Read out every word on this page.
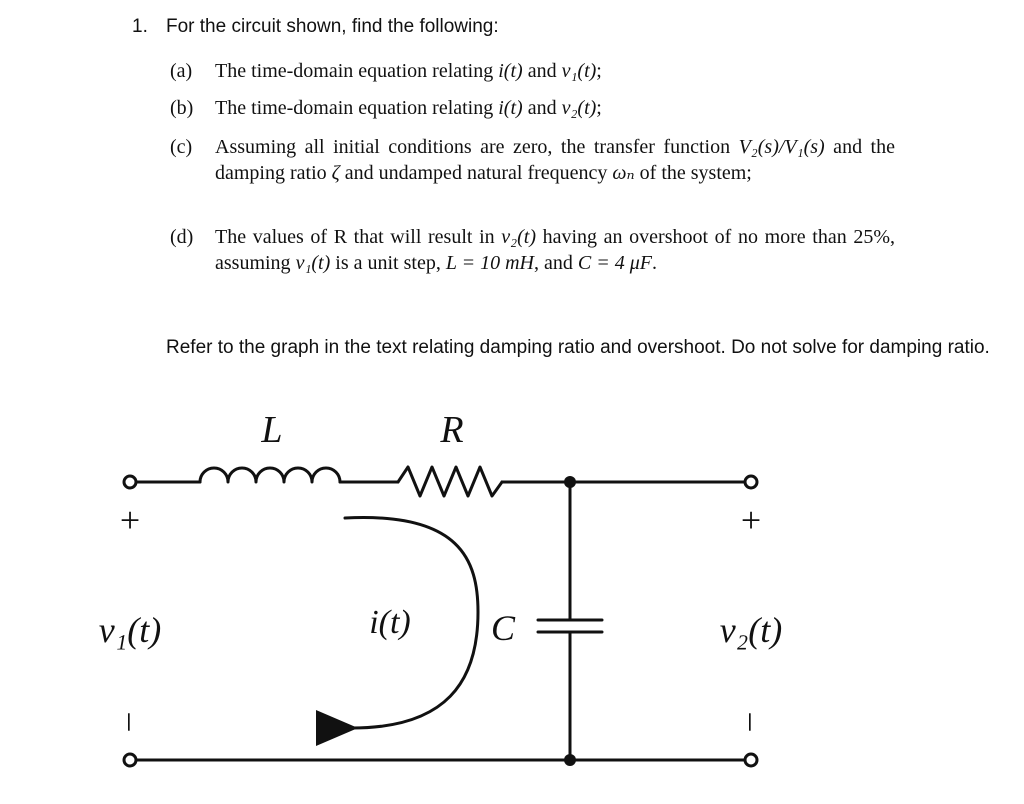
1. For the circuit shown, find the following:
(a)	The time-domain equation relating i(t) and v₁(t);
(b)	The time-domain equation relating i(t) and v₂(t);
(c)	Assuming all initial conditions are zero, the transfer function V₂(s)/V₁(s) and the damping ratio ζ and undamped natural frequency ωₙ of the system;
(d)	The values of R that will result in v₂(t) having an overshoot of no more than 25%, assuming v₁(t) is a unit step, L = 10 mH, and C = 4 μF.
Refer to the graph in the text relating damping ratio and overshoot. Do not solve for damping ratio.
L	R
C
i(t)
v₁(t)	v₂(t)
+	+
–	–
